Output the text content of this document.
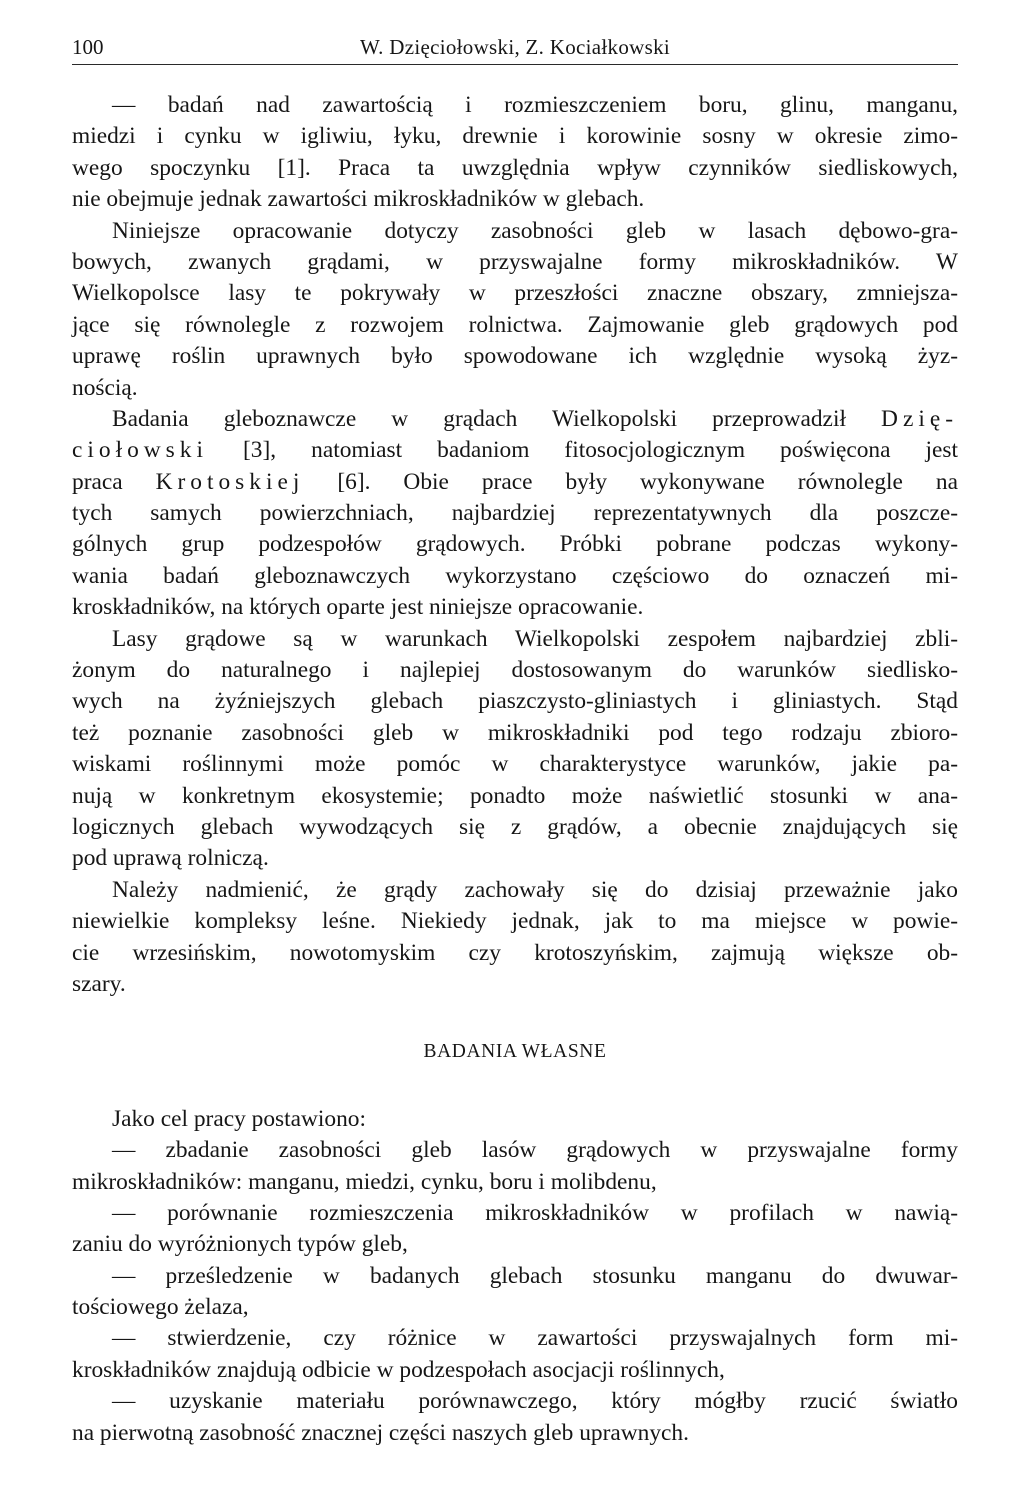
100	W. Dzięciołowski, Z. Kociałkowski
— badań nad zawartością i rozmieszczeniem boru, glinu, manganu,
miedzi i cynku w igliwiu, łyku, drewnie i korowinie sosny w okresie zimo-
wego spoczynku [1]. Praca ta uwzględnia wpływ czynników siedliskowych,
nie obejmuje jednak zawartości mikroskładników w glebach.
Niniejsze opracowanie dotyczy zasobności gleb w lasach dębowo-gra-
bowych, zwanych grądami, w przyswajalne formy mikroskładników. W
Wielkopolsce lasy te pokrywały w przeszłości znaczne obszary, zmniejsza-
jące się równolegle z rozwojem rolnictwa. Zajmowanie gleb grądowych pod
uprawę roślin uprawnych było spowodowane ich względnie wysoką żyz-
nością.
Badania gleboznawcze w grądach Wielkopolski przeprowadził Dzię-
ciołowski [3], natomiast badaniom fitosocjologicznym poświęcona jest
praca Krotoskiej [6]. Obie prace były wykonywane równolegle na
tych samych powierzchniach, najbardziej reprezentatywnych dla poszcze-
gólnych grup podzespołów grądowych. Próbki pobrane podczas wykony-
wania badań gleboznawczych wykorzystano częściowo do oznaczeń mi-
kroskładników, na których oparte jest niniejsze opracowanie.
Lasy grądowe są w warunkach Wielkopolski zespołem najbardziej zbli-
żonym do naturalnego i najlepiej dostosowanym do warunków siedlisko-
wych na żyźniejszych glebach piaszczysto-gliniastych i gliniastych. Stąd
też poznanie zasobności gleb w mikroskładniki pod tego rodzaju zbioro-
wiskami roślinnymi może pomóc w charakterystyce warunków, jakie pa-
nują w konkretnym ekosystemie; ponadto może naświetlić stosunki w ana-
logicznych glebach wywodzących się z grądów, a obecnie znajdujących się
pod uprawą rolniczą.
Należy nadmienić, że grądy zachowały się do dzisiaj przeważnie jako
niewielkie kompleksy leśne. Niekiedy jednak, jak to ma miejsce w powie-
cie wrzesińskim, nowotomyskim czy krotoszyńskim, zajmują większe ob-
szary.
BADANIA WŁASNE
Jako cel pracy postawiono:
— zbadanie zasobności gleb lasów grądowych w przyswajalne formy
mikroskładników: manganu, miedzi, cynku, boru i molibdenu,
— porównanie rozmieszczenia mikroskładników w profilach w nawią-
zaniu do wyróżnionych typów gleb,
— prześledzenie w badanych glebach stosunku manganu do dwuwar-
tościowego żelaza,
— stwierdzenie, czy różnice w zawartości przyswajalnych form mi-
kroskładników znajdują odbicie w podzespołach asocjacji roślinnych,
— uzyskanie materiału porównawczego, który mógłby rzucić światło
na pierwotną zasobność znacznej części naszych gleb uprawnych.
